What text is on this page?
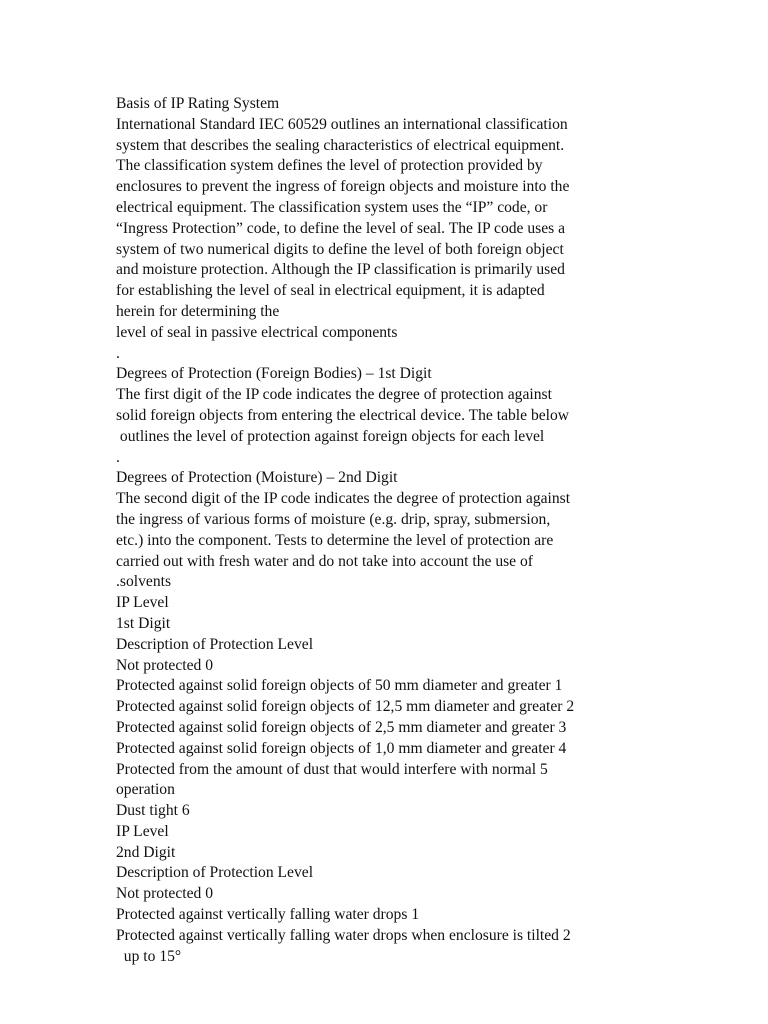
Basis of IP Rating System
International Standard IEC 60529 outlines an international classification
system that describes the sealing characteristics of electrical equipment.
The classification system defines the level of protection provided by
enclosures to prevent the ingress of foreign objects and moisture into the
electrical equipment. The classification system uses the “IP” code, or
“Ingress Protection” code, to define the level of seal. The IP code uses a
system of two numerical digits to define the level of both foreign object
and moisture protection. Although the IP classification is primarily used
for establishing the level of seal in electrical equipment, it is adapted
herein for determining the
level of seal in passive electrical components
.
Degrees of Protection (Foreign Bodies) – 1st Digit
The first digit of the IP code indicates the degree of protection against
solid foreign objects from entering the electrical device. The table below
outlines the level of protection against foreign objects for each level
.
Degrees of Protection (Moisture) – 2nd Digit
The second digit of the IP code indicates the degree of protection against
the ingress of various forms of moisture (e.g. drip, spray, submersion,
etc.) into the component. Tests to determine the level of protection are
carried out with fresh water and do not take into account the use of
.solvents
IP Level
1st Digit
Description of Protection Level
Not protected 0
Protected against solid foreign objects of 50 mm diameter and greater 1
Protected against solid foreign objects of 12,5 mm diameter and greater 2
Protected against solid foreign objects of 2,5 mm diameter and greater 3
Protected against solid foreign objects of 1,0 mm diameter and greater 4
Protected from the amount of dust that would interfere with normal 5
operation
Dust tight 6
IP Level
2nd Digit
Description of Protection Level
Not protected 0
Protected against vertically falling water drops 1
Protected against vertically falling water drops when enclosure is tilted 2
up to 15°
